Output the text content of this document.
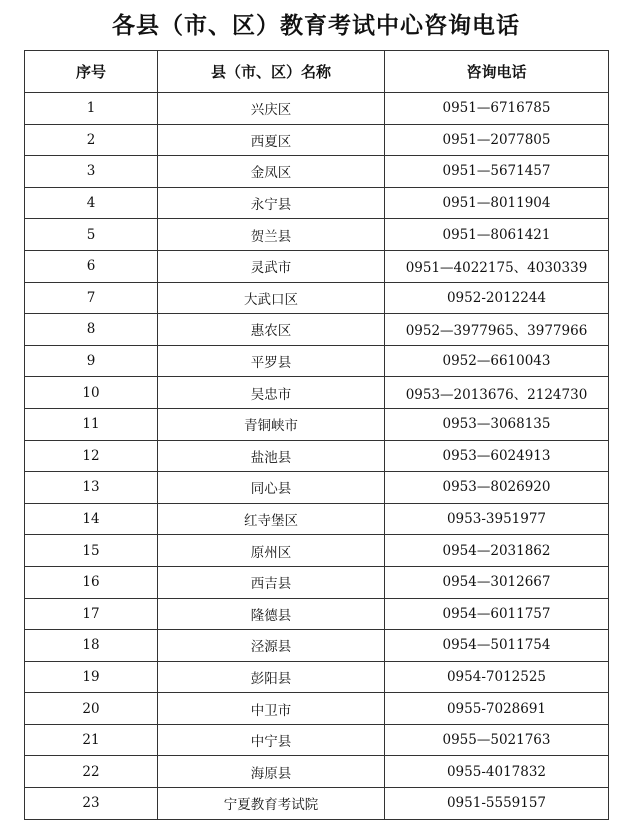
各县（市、区）教育考试中心咨询电话
序号	县（市、区）名称	咨询电话
1	兴庆区	0951—6716785
2	西夏区	0951—2077805
3	金凤区	0951—5671457
4	永宁县	0951—8011904
5	贺兰县	0951—8061421
6	灵武市	0951—4022175、4030339
7	大武口区	0952-2012244
8	惠农区	0952—3977965、3977966
9	平罗县	0952—6610043
10	吴忠市	0953—2013676、2124730
11	青铜峡市	0953—3068135
12	盐池县	0953—6024913
13	同心县	0953—8026920
14	红寺堡区	0953-3951977
15	原州区	0954—2031862
16	西吉县	0954—3012667
17	隆德县	0954—6011757
18	泾源县	0954—5011754
19	彭阳县	0954-7012525
20	中卫市	0955-7028691
21	中宁县	0955—5021763
22	海原县	0955-4017832
23	宁夏教育考试院	0951-5559157
